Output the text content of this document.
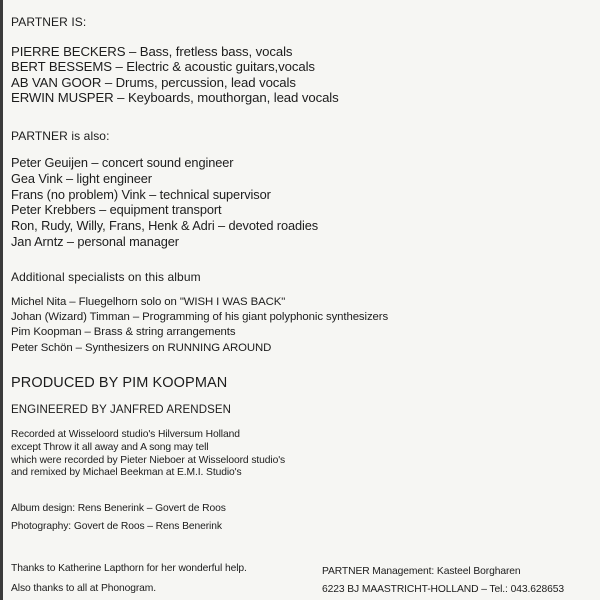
PARTNER IS:
PIERRE BECKERS – Bass, fretless bass, vocals
BERT BESSEMS – Electric & acoustic guitars,vocals
AB VAN GOOR – Drums, percussion, lead vocals
ERWIN MUSPER – Keyboards, mouthorgan, lead vocals
PARTNER is also:
Peter Geuijen – concert sound engineer
Gea Vink – light engineer
Frans (no problem) Vink – technical supervisor
Peter Krebbers – equipment transport
Ron, Rudy, Willy, Frans, Henk & Adri – devoted roadies
Jan Arntz – personal manager
Additional specialists on this album
Michel Nita – Fluegelhorn solo on "WISH I WAS BACK"
Johan (Wizard) Timman – Programming of his giant polyphonic synthesizers
Pim Koopman – Brass & string arrangements
Peter Schön – Synthesizers on RUNNING AROUND
PRODUCED BY PIM KOOPMAN
ENGINEERED BY JANFRED ARENDSEN
Recorded at Wisseloord studio's Hilversum Holland
except Throw it all away and A song may tell
which were recorded by Pieter Nieboer at Wisseloord studio's
and remixed by Michael Beekman at E.M.I. Studio's
Album design: Rens Benerink – Govert de Roos
Photography: Govert de Roos – Rens Benerink
Thanks to Katherine Lapthorn for her wonderful help.
Also thanks to all at Phonogram.
PARTNER Management: Kasteel Borgharen
6223 BJ MAASTRICHT-HOLLAND – Tel.: 043.628653
